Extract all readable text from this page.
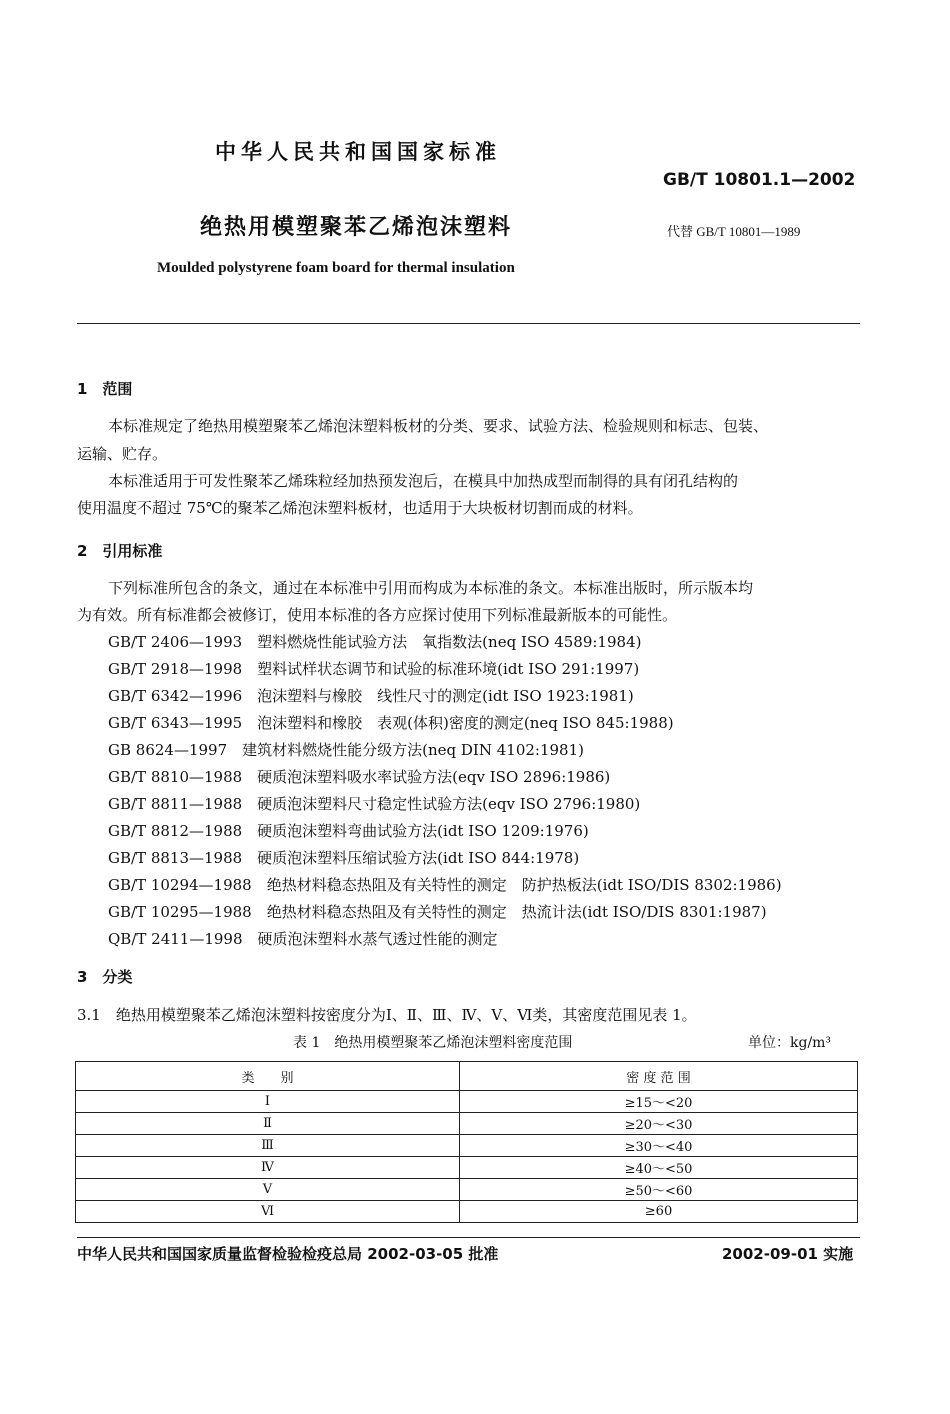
中华人民共和国国家标准
GB/T 10801.1—2002
绝热用模塑聚苯乙烯泡沫塑料	代替 GB/T 10801—1989
Moulded polystyrene foam board for thermal insulation
1　范围
本标准规定了绝热用模塑聚苯乙烯泡沫塑料板材的分类、要求、试验方法、检验规则和标志、包装、
运输、贮存。
本标准适用于可发性聚苯乙烯珠粒经加热预发泡后，在模具中加热成型而制得的具有闭孔结构的
使用温度不超过 75℃的聚苯乙烯泡沫塑料板材，也适用于大块板材切割而成的材料。
2　引用标准
下列标准所包含的条文，通过在本标准中引用而构成为本标准的条文。本标准出版时，所示版本均
为有效。所有标准都会被修订，使用本标准的各方应探讨使用下列标准最新版本的可能性。
GB/T 2406—1993　塑料燃烧性能试验方法　氧指数法(neq ISO 4589:1984)
GB/T 2918—1998　塑料试样状态调节和试验的标准环境(idt ISO 291:1997)
GB/T 6342—1996　泡沫塑料与橡胶　线性尺寸的测定(idt ISO 1923:1981)
GB/T 6343—1995　泡沫塑料和橡胶　表观(体积)密度的测定(neq ISO 845:1988)
GB 8624—1997　建筑材料燃烧性能分级方法(neq DIN 4102:1981)
GB/T 8810—1988　硬质泡沫塑料吸水率试验方法(eqv ISO 2896:1986)
GB/T 8811—1988　硬质泡沫塑料尺寸稳定性试验方法(eqv ISO 2796:1980)
GB/T 8812—1988　硬质泡沫塑料弯曲试验方法(idt ISO 1209:1976)
GB/T 8813—1988　硬质泡沫塑料压缩试验方法(idt ISO 844:1978)
GB/T 10294—1988　绝热材料稳态热阻及有关特性的测定　防护热板法(idt ISO/DIS 8302:1986)
GB/T 10295—1988　绝热材料稳态热阻及有关特性的测定　热流计法(idt ISO/DIS 8301:1987)
QB/T 2411—1998　硬质泡沫塑料水蒸气透过性能的测定
3　分类
3.1　绝热用模塑聚苯乙烯泡沫塑料按密度分为Ⅰ、Ⅱ、Ⅲ、Ⅳ、Ⅴ、Ⅵ类，其密度范围见表 1。
表 1　绝热用模塑聚苯乙烯泡沫塑料密度范围	单位：kg/m³
类　　别	密 度 范 围
Ⅰ	≥15～<20
Ⅱ	≥20～<30
Ⅲ	≥30～<40
Ⅳ	≥40～<50
Ⅴ	≥50～<60
Ⅵ	≥60
中华人民共和国国家质量监督检验检疫总局 2002-03-05 批准	2002-09-01 实施
